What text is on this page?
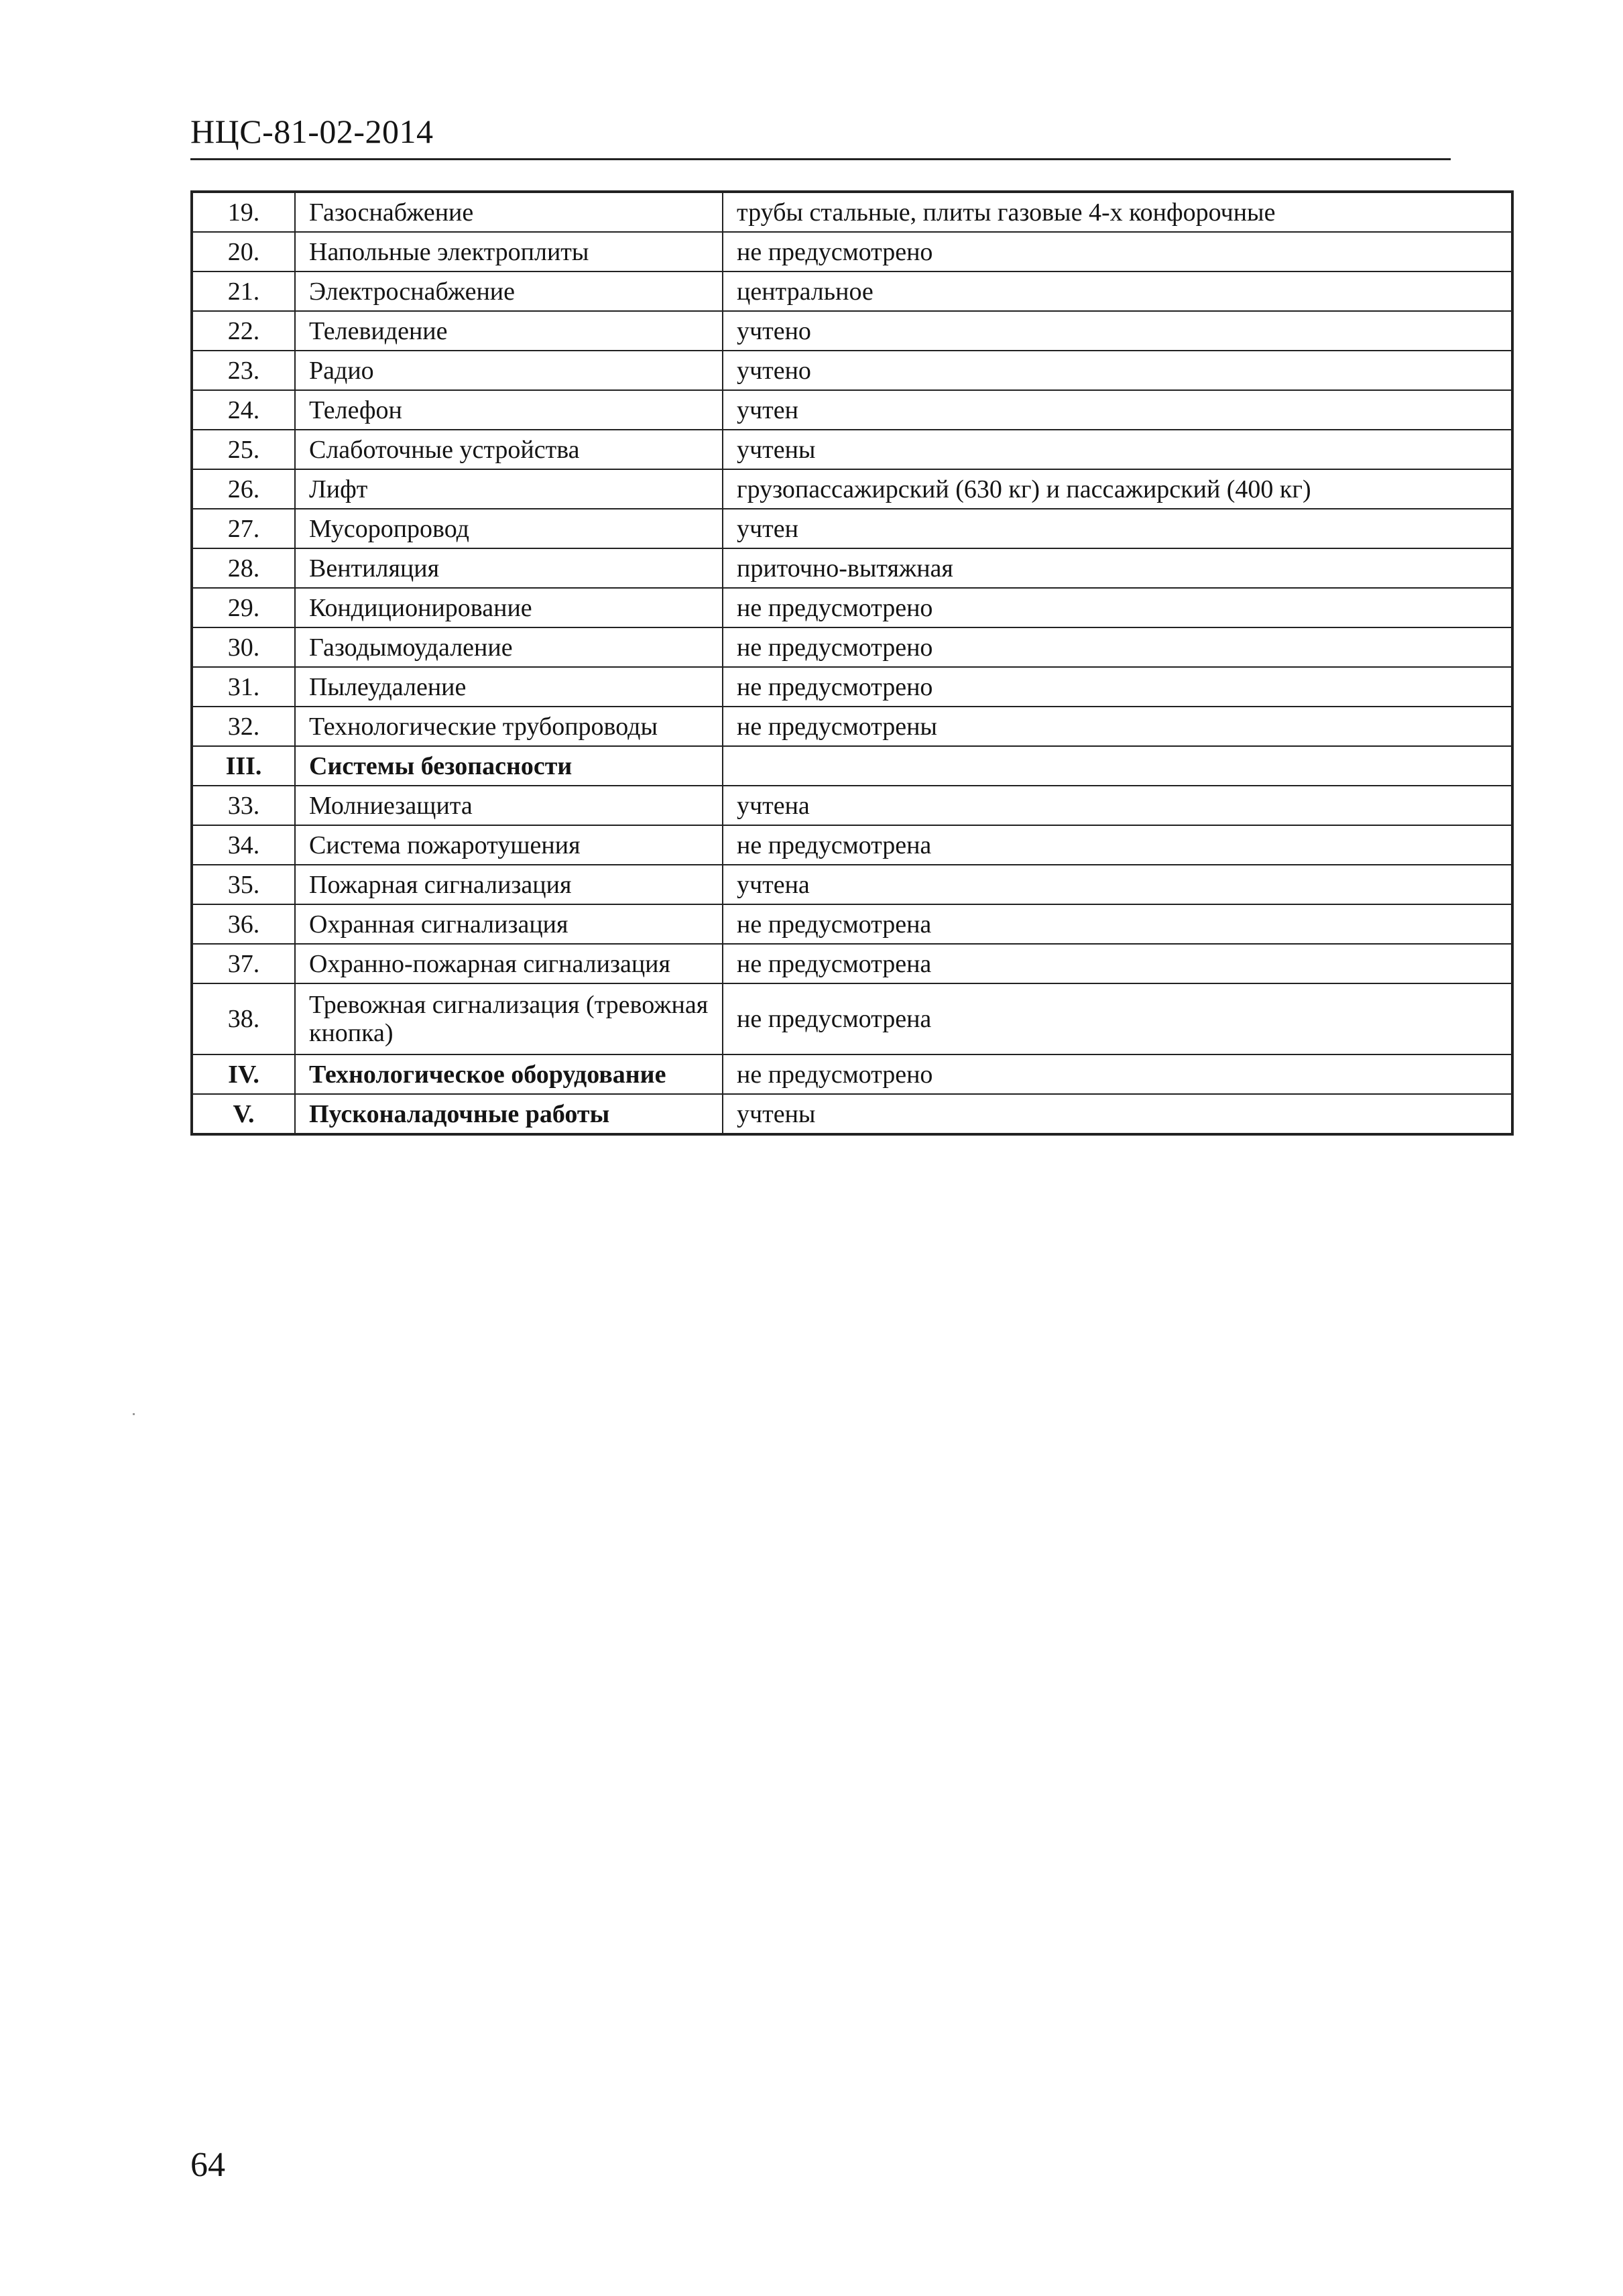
НЦС-81-02-2014
19.	Газоснабжение	трубы стальные, плиты газовые 4-х конфорочные
20.	Напольные электроплиты	не предусмотрено
21.	Электроснабжение	центральное
22.	Телевидение	учтено
23.	Радио	учтено
24.	Телефон	учтен
25.	Слаботочные устройства	учтены
26.	Лифт	грузопассажирский (630 кг) и пассажирский (400 кг)
27.	Мусоропровод	учтен
28.	Вентиляция	приточно-вытяжная
29.	Кондиционирование	не предусмотрено
30.	Газодымоудаление	не предусмотрено
31.	Пылеудаление	не предусмотрено
32.	Технологические трубопроводы	не предусмотрены
III.	Системы безопасности	
33.	Молниезащита	учтена
34.	Система пожаротушения	не предусмотрена
35.	Пожарная сигнализация	учтена
36.	Охранная сигнализация	не предусмотрена
37.	Охранно-пожарная сигнализация	не предусмотрена
38.	Тревожная сигнализация (тревожная кнопка)	не предусмотрена
IV.	Технологическое оборудование	не предусмотрено
V.	Пусконаладочные работы	учтены
64
